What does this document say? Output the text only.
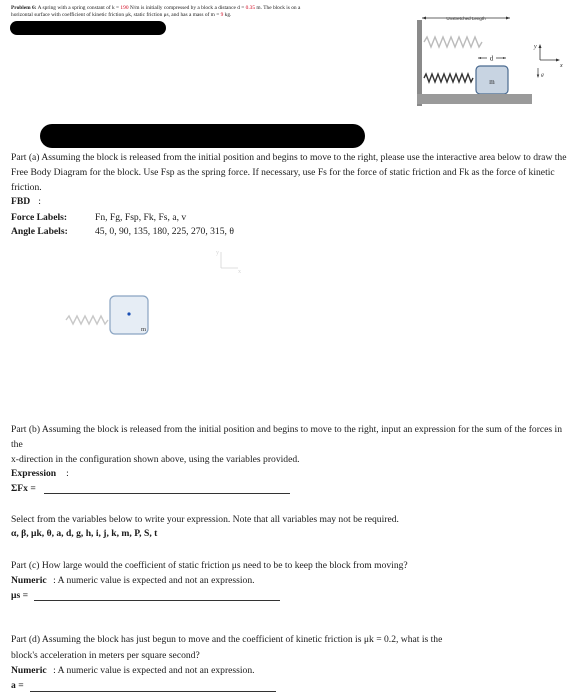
Problem 6: A spring with a spring constant of k = 190 N/m is initially compressed by a block a distance d = 0.35 m. The block is on a
horizontal surface with coefficient of kinetic friction μk, static friction μs, and has a mass of m = 9 kg.
Unstretched Length
d
m
y
x
g
Part (a) Assuming the block is released from the initial position and begins to move to the right, please use the interactive area below to draw the Free Body Diagram for the block. Use Fsp as the spring force. If necessary, use Fs for the force of static friction and Fk as the force of kinetic friction.
FBD :
Force Labels:	Fn, Fg, Fsp, Fk, Fs, a, v
Angle Labels:	45, 0, 90, 135, 180, 225, 270, 315, θ
y
x
m
Part (b) Assuming the block is released from the initial position and begins to move to the right, input an expression for the sum of the forces in the
x-direction in the configuration shown above, using the variables provided.
Expression :
ΣFx =
Select from the variables below to write your expression. Note that all variables may not be required.
α, β, μk, θ, a, d, g, h, i, j, k, m, P, S, t
Part (c) How large would the coefficient of static friction μs need to be to keep the block from moving?
Numeric : A numeric value is expected and not an expression.
μs =
Part (d) Assuming the block has just begun to move and the coefficient of kinetic friction is μk = 0.2, what is the
block's acceleration in meters per square second?
Numeric : A numeric value is expected and not an expression.
a =
